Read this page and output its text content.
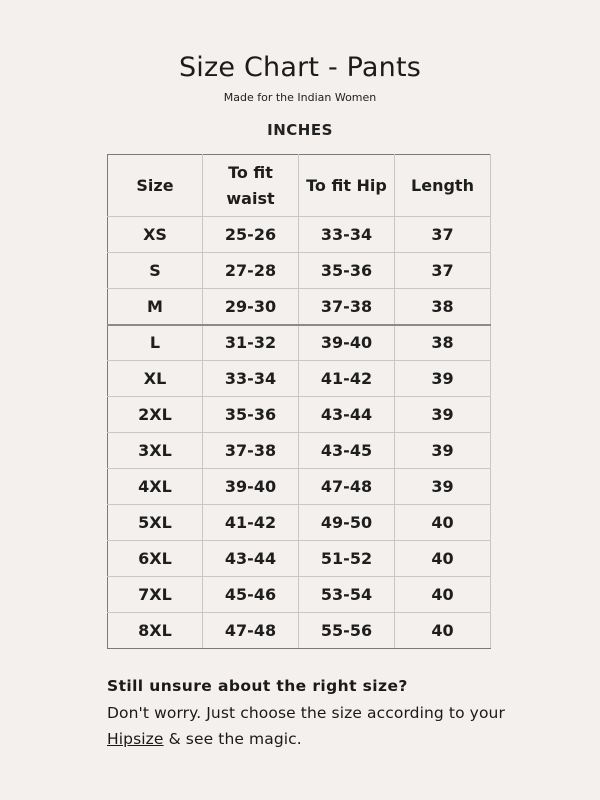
Size Chart - Pants
Made for the Indian Women
INCHES
Size	To fit waist	To fit Hip	Length
XS	25-26	33-34	37
S	27-28	35-36	37
M	29-30	37-38	38
L	31-32	39-40	38
XL	33-34	41-42	39
2XL	35-36	43-44	39
3XL	37-38	43-45	39
4XL	39-40	47-48	39
5XL	41-42	49-50	40
6XL	43-44	51-52	40
7XL	45-46	53-54	40
8XL	47-48	55-56	40
Still unsure about the right size?
Don't worry. Just choose the size according to your
Hipsize & see the magic.
